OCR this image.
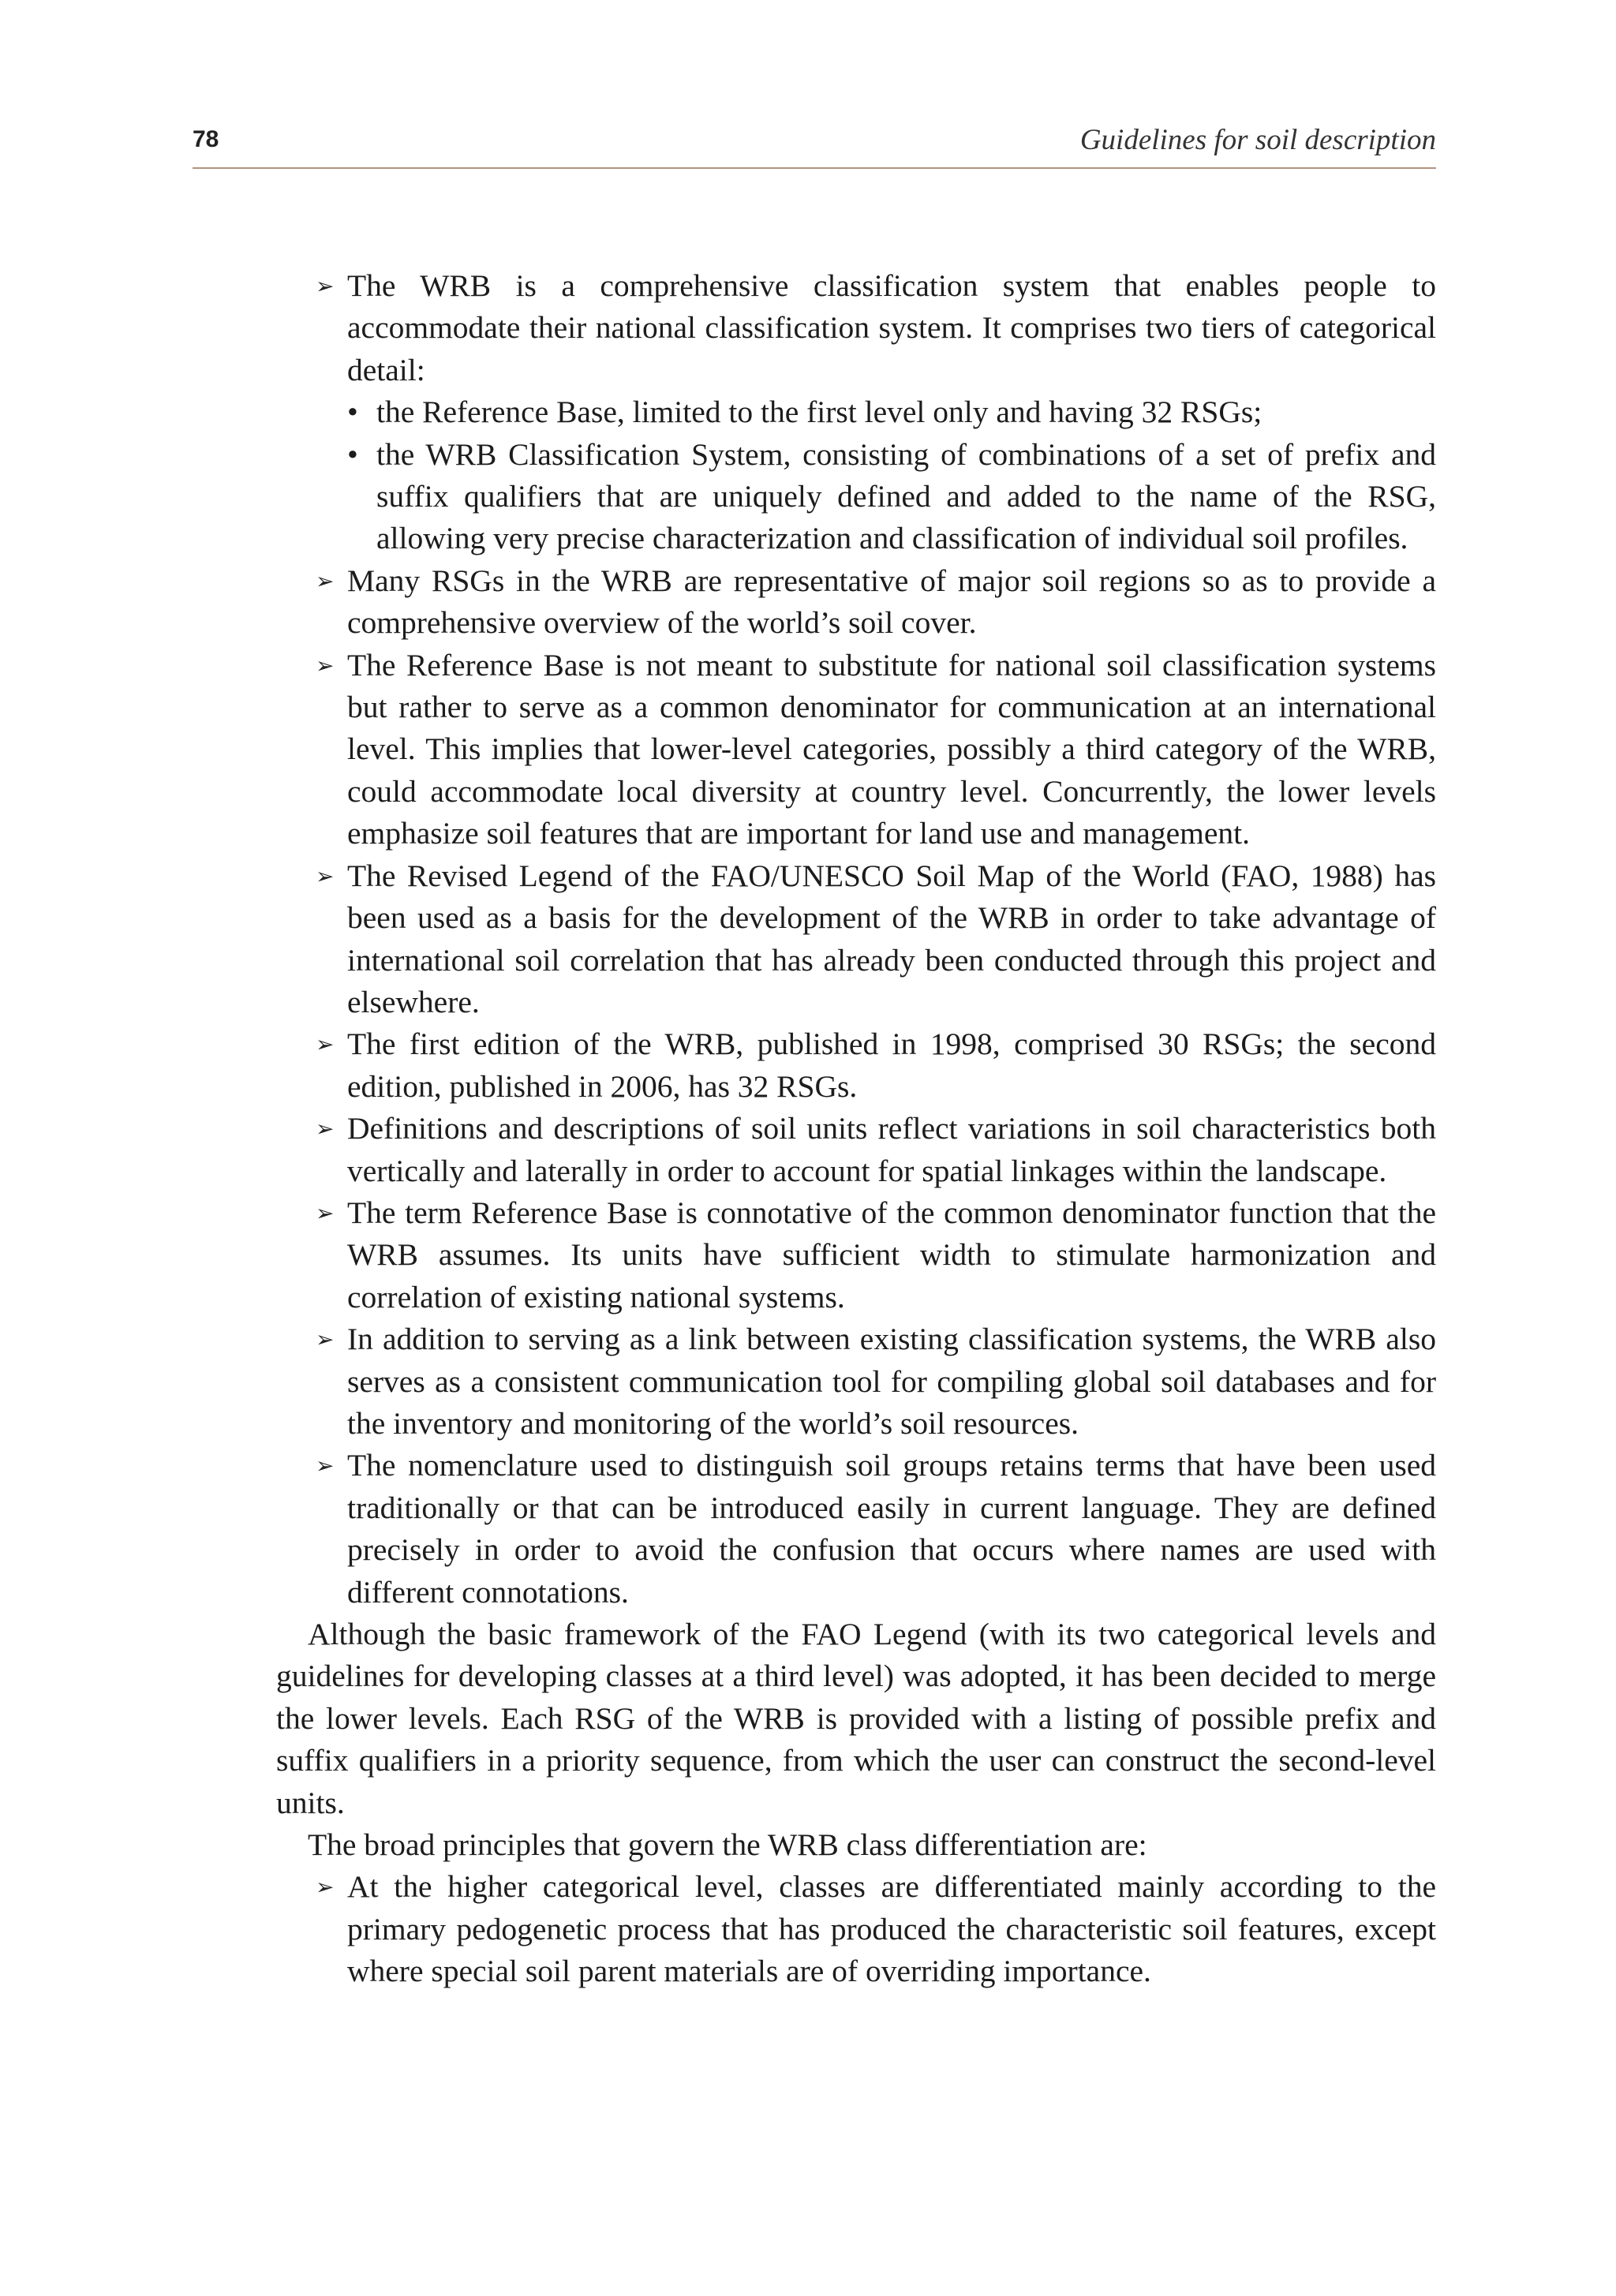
78	Guidelines for soil description
➢ The WRB is a comprehensive classification system that enables people to accommodate their national classification system. It comprises two tiers of categorical detail:
• the Reference Base, limited to the first level only and having 32 RSGs;
• the WRB Classification System, consisting of combinations of a set of prefix and suffix qualifiers that are uniquely defined and added to the name of the RSG, allowing very precise characterization and classification of individual soil profiles.
➢ Many RSGs in the WRB are representative of major soil regions so as to provide a comprehensive overview of the world’s soil cover.
➢ The Reference Base is not meant to substitute for national soil classification systems but rather to serve as a common denominator for communication at an international level. This implies that lower-level categories, possibly a third category of the WRB, could accommodate local diversity at country level. Concurrently, the lower levels emphasize soil features that are important for land use and management.
➢ The Revised Legend of the FAO/UNESCO Soil Map of the World (FAO, 1988) has been used as a basis for the development of the WRB in order to take advantage of international soil correlation that has already been conducted through this project and elsewhere.
➢ The first edition of the WRB, published in 1998, comprised 30 RSGs; the second edition, published in 2006, has 32 RSGs.
➢ Definitions and descriptions of soil units reflect variations in soil characteristics both vertically and laterally in order to account for spatial linkages within the landscape.
➢ The term Reference Base is connotative of the common denominator function that the WRB assumes. Its units have sufficient width to stimulate harmonization and correlation of existing national systems.
➢ In addition to serving as a link between existing classification systems, the WRB also serves as a consistent communication tool for compiling global soil databases and for the inventory and monitoring of the world’s soil resources.
➢ The nomenclature used to distinguish soil groups retains terms that have been used traditionally or that can be introduced easily in current language. They are defined precisely in order to avoid the confusion that occurs where names are used with different connotations.
Although the basic framework of the FAO Legend (with its two categorical levels and guidelines for developing classes at a third level) was adopted, it has been decided to merge the lower levels. Each RSG of the WRB is provided with a listing of possible prefix and suffix qualifiers in a priority sequence, from which the user can construct the second-level units.
The broad principles that govern the WRB class differentiation are:
➢ At the higher categorical level, classes are differentiated mainly according to the primary pedogenetic process that has produced the characteristic soil features, except where special soil parent materials are of overriding importance.
